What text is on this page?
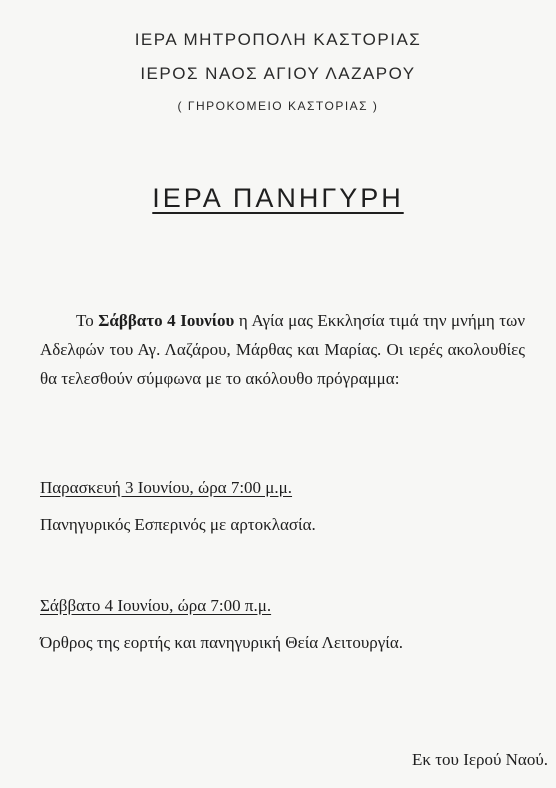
ΙΕΡΑ ΜΗΤΡΟΠΟΛΗ ΚΑΣΤΟΡΙΑΣ
ΙΕΡΟΣ ΝΑΟΣ ΑΓΙΟΥ ΛΑΖΑΡΟΥ
( ΓΗΡΟΚΟΜΕΙΟ ΚΑΣΤΟΡΙΑΣ )
ΙΕΡΑ ΠΑΝΗΓΥΡΗ
Το Σάββατο 4 Ιουνίου η Αγία μας Εκκλησία τιμά την μνήμη των Αδελφών του Αγ. Λαζάρου, Μάρθας και Μαρίας. Οι ιερές ακολουθίες θα τελεσθούν σύμφωνα με το ακόλουθο πρόγραμμα:
Παρασκευή 3 Ιουνίου, ώρα 7:00 μ.μ.
Πανηγυρικός Εσπερινός με αρτοκλασία.
Σάββατο 4 Ιουνίου, ώρα 7:00 π.μ.
Όρθρος της εορτής και πανηγυρική Θεία Λειτουργία.
Εκ του Ιερού Ναού.
